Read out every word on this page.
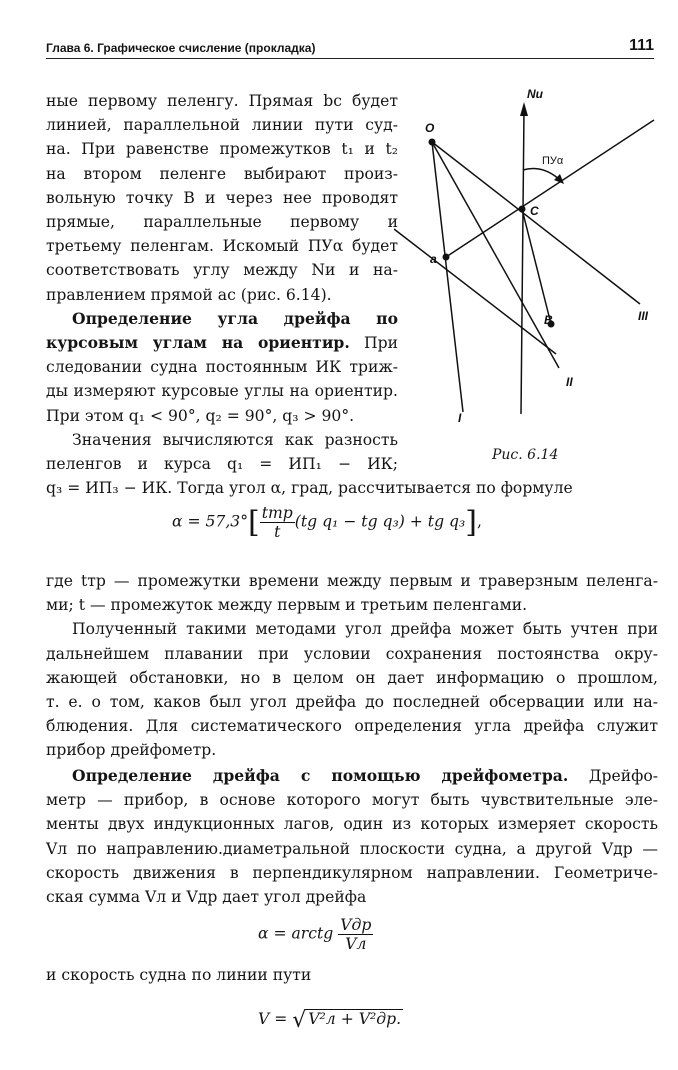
Глава 6. Графическое счисление (прокладка)	111

ные первому пеленгу. Прямая bc будет

линией, параллельной линии пути суд-

на. При равенстве промежутков t₁ и t₂

на втором пеленге выбирают произ-

вольную точку B и через нее проводят

прямые, параллельные первому и

третьему пеленгам. Искомый ПУα будет

соответствовать углу между Nи и на-

правлением прямой ac (рис. 6.14).

Определение угла дрейфа по

курсовым углам на ориентир. При

следовании судна постоянным ИК триж-

ды измеряют курсовые углы на ориентир.

При этом q₁ < 90°, q₂ = 90°, q₃ > 90°.

Значения вычисляются как разность

пеленгов и курса q₁ = ИП₁ − ИК;

q₃ = ИП₃ − ИК. Тогда угол α, град, рассчитывается по формуле

Nи
O
C
a
B
ПУα
I
II
III
Рис. 6.14
$\alpha = 57,3^\circ[ \frac{\text{tтр}}{t} (tg$ q₁ − tg q₃) + tg q₃],

где tтр — промежутки времени между первым и траверзным пеленга-

ми; t — промежуток между первым и третьим пеленгами.

Полученный такими методами угол дрейфа может быть учтен при

дальнейшем плавании при условии сохранения постоянства окру-

жающей обстановки, но в целом он дает информацию о прошлом,

т. е. о том, каков был угол дрейфа до последней обсервации или на-

блюдения. Для систематического определения угла дрейфа служит

прибор дрейфометр.

Определение дрейфа с помощью дрейфометра. Дрейфо-

метр — прибор, в основе которого могут быть чувствительные эле-

менты двух индукционных лагов, один из которых измеряет скорость

Vл по направлению.диаметральной плоскости судна, а другой Vдр —

скорость движения в перпендикулярном направлении. Геометриче-

ская сумма Vл и Vдр дает угол дрейфа

α = arctg $\frac{\text{Vдр}}{Vл}$

и скорость судна по линии пути

V = √ V²л + V²др.
